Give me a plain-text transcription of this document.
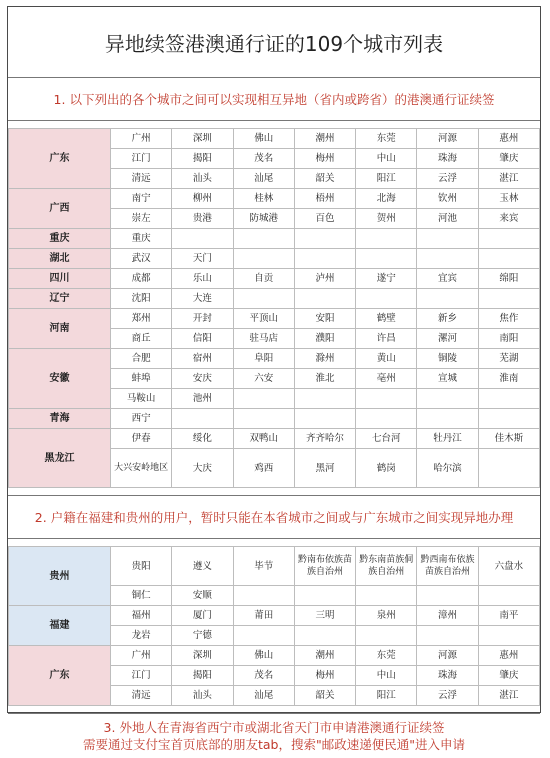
异地续签港澳通行证的109个城市列表
1. 以下列出的各个城市之间可以实现相互异地（省内或跨省）的港澳通行证续签
广东	广州	深圳	佛山	潮州	东莞	河源	惠州
	江门	揭阳	茂名	梅州	中山	珠海	肇庆
	清远	汕头	汕尾	韶关	阳江	云浮	湛江
广西	南宁	柳州	桂林	梧州	北海	钦州	玉林
	崇左	贵港	防城港	百色	贺州	河池	来宾
重庆	重庆						
湖北	武汉	天门					
四川	成都	乐山	自贡	泸州	遂宁	宜宾	绵阳
辽宁	沈阳	大连					
河南	郑州	开封	平顶山	安阳	鹤壁	新乡	焦作
	商丘	信阳	驻马店	濮阳	许昌	漯河	南阳
安徽	合肥	宿州	阜阳	滁州	黄山	铜陵	芜湖
	蚌埠	安庆	六安	淮北	亳州	宣城	淮南
	马鞍山	池州					
青海	西宁						
黑龙江	伊春	绥化	双鸭山	齐齐哈尔	七台河	牡丹江	佳木斯
	大兴安岭地区	大庆	鸡西	黑河	鹤岗	哈尔滨	
2. 户籍在福建和贵州的用户，暂时只能在本省城市之间或与广东城市之间实现异地办理
贵州	贵阳	遵义	毕节	黔南布依族苗族自治州	黔东南苗族侗族自治州	黔西南布依族苗族自治州	六盘水
	铜仁	安顺					
福建	福州	厦门	莆田	三明	泉州	漳州	南平
	龙岩	宁德					
广东	广州	深圳	佛山	潮州	东莞	河源	惠州
	江门	揭阳	茂名	梅州	中山	珠海	肇庆
	清远	汕头	汕尾	韶关	阳江	云浮	湛江
3. 外地人在青海省西宁市或湖北省天门市申请港澳通行证续签
需要通过支付宝首页底部的朋友tab，搜索"邮政速递便民通"进入申请
